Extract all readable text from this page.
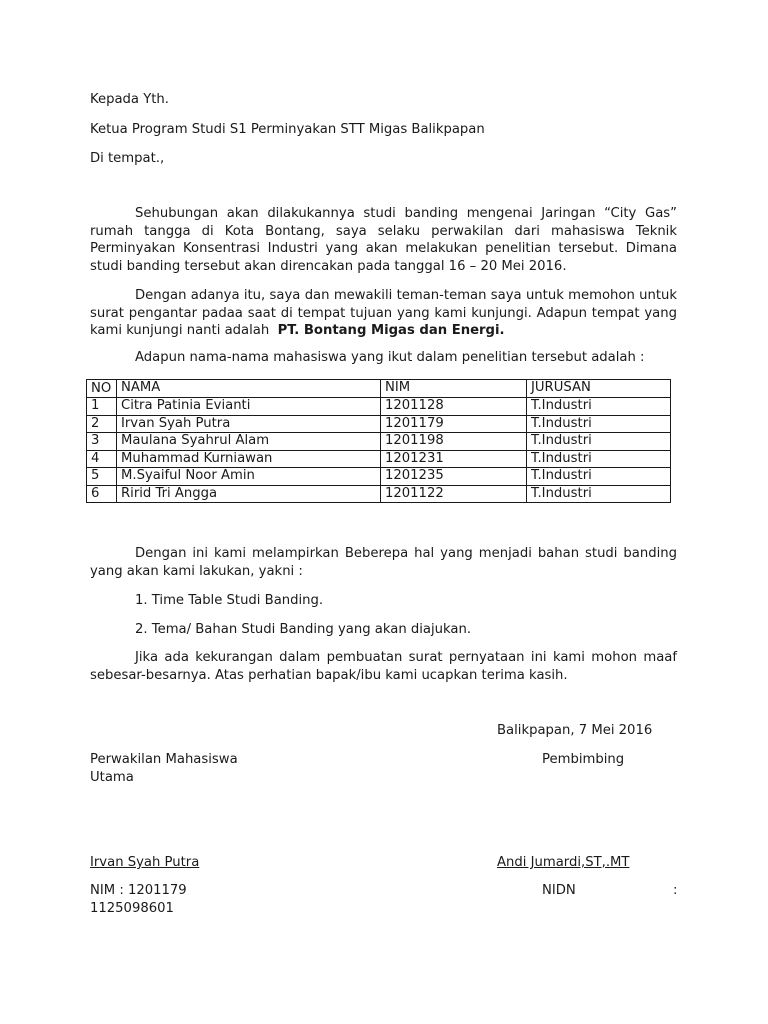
Kepada Yth.
Ketua Program Studi S1 Perminyakan STT Migas Balikpapan
Di tempat.,
Sehubungan akan dilakukannya studi banding mengenai Jaringan “City Gas” rumah tangga di Kota Bontang, saya selaku perwakilan dari mahasiswa Teknik Perminyakan Konsentrasi Industri yang akan melakukan penelitian tersebut. Dimana studi banding tersebut akan direncakan pada tanggal 16 – 20 Mei 2016.
Dengan adanya itu, saya dan mewakili teman-teman saya untuk memohon untuk surat pengantar padaa saat di tempat tujuan yang kami kunjungi. Adapun tempat yang kami kunjungi nanti adalah PT. Bontang Migas dan Energi.
Adapun nama-nama mahasiswa yang ikut dalam penelitian tersebut adalah :
NO	NAMA	NIM	JURUSAN
1	Citra Patinia Evianti	1201128	T.Industri
2	Irvan Syah Putra	1201179	T.Industri
3	Maulana Syahrul Alam	1201198	T.Industri
4	Muhammad Kurniawan	1201231	T.Industri
5	M.Syaiful Noor Amin	1201235	T.Industri
6	Ririd Tri Angga	1201122	T.Industri
Dengan ini kami melampirkan Beberepa hal yang menjadi bahan studi banding yang akan kami lakukan, yakni :
1. Time Table Studi Banding.
2. Tema/ Bahan Studi Banding yang akan diajukan.
Jika ada kekurangan dalam pembuatan surat pernyataan ini kami mohon maaf sebesar-besarnya. Atas perhatian bapak/ibu kami ucapkan terima kasih.
Balikpapan, 7 Mei 2016
Perwakilan Mahasiswa
Utama
Pembimbing
Irvan Syah Putra	Andi Jumardi,ST,.MT
NIM : 1201179	NIDN	:
1125098601
